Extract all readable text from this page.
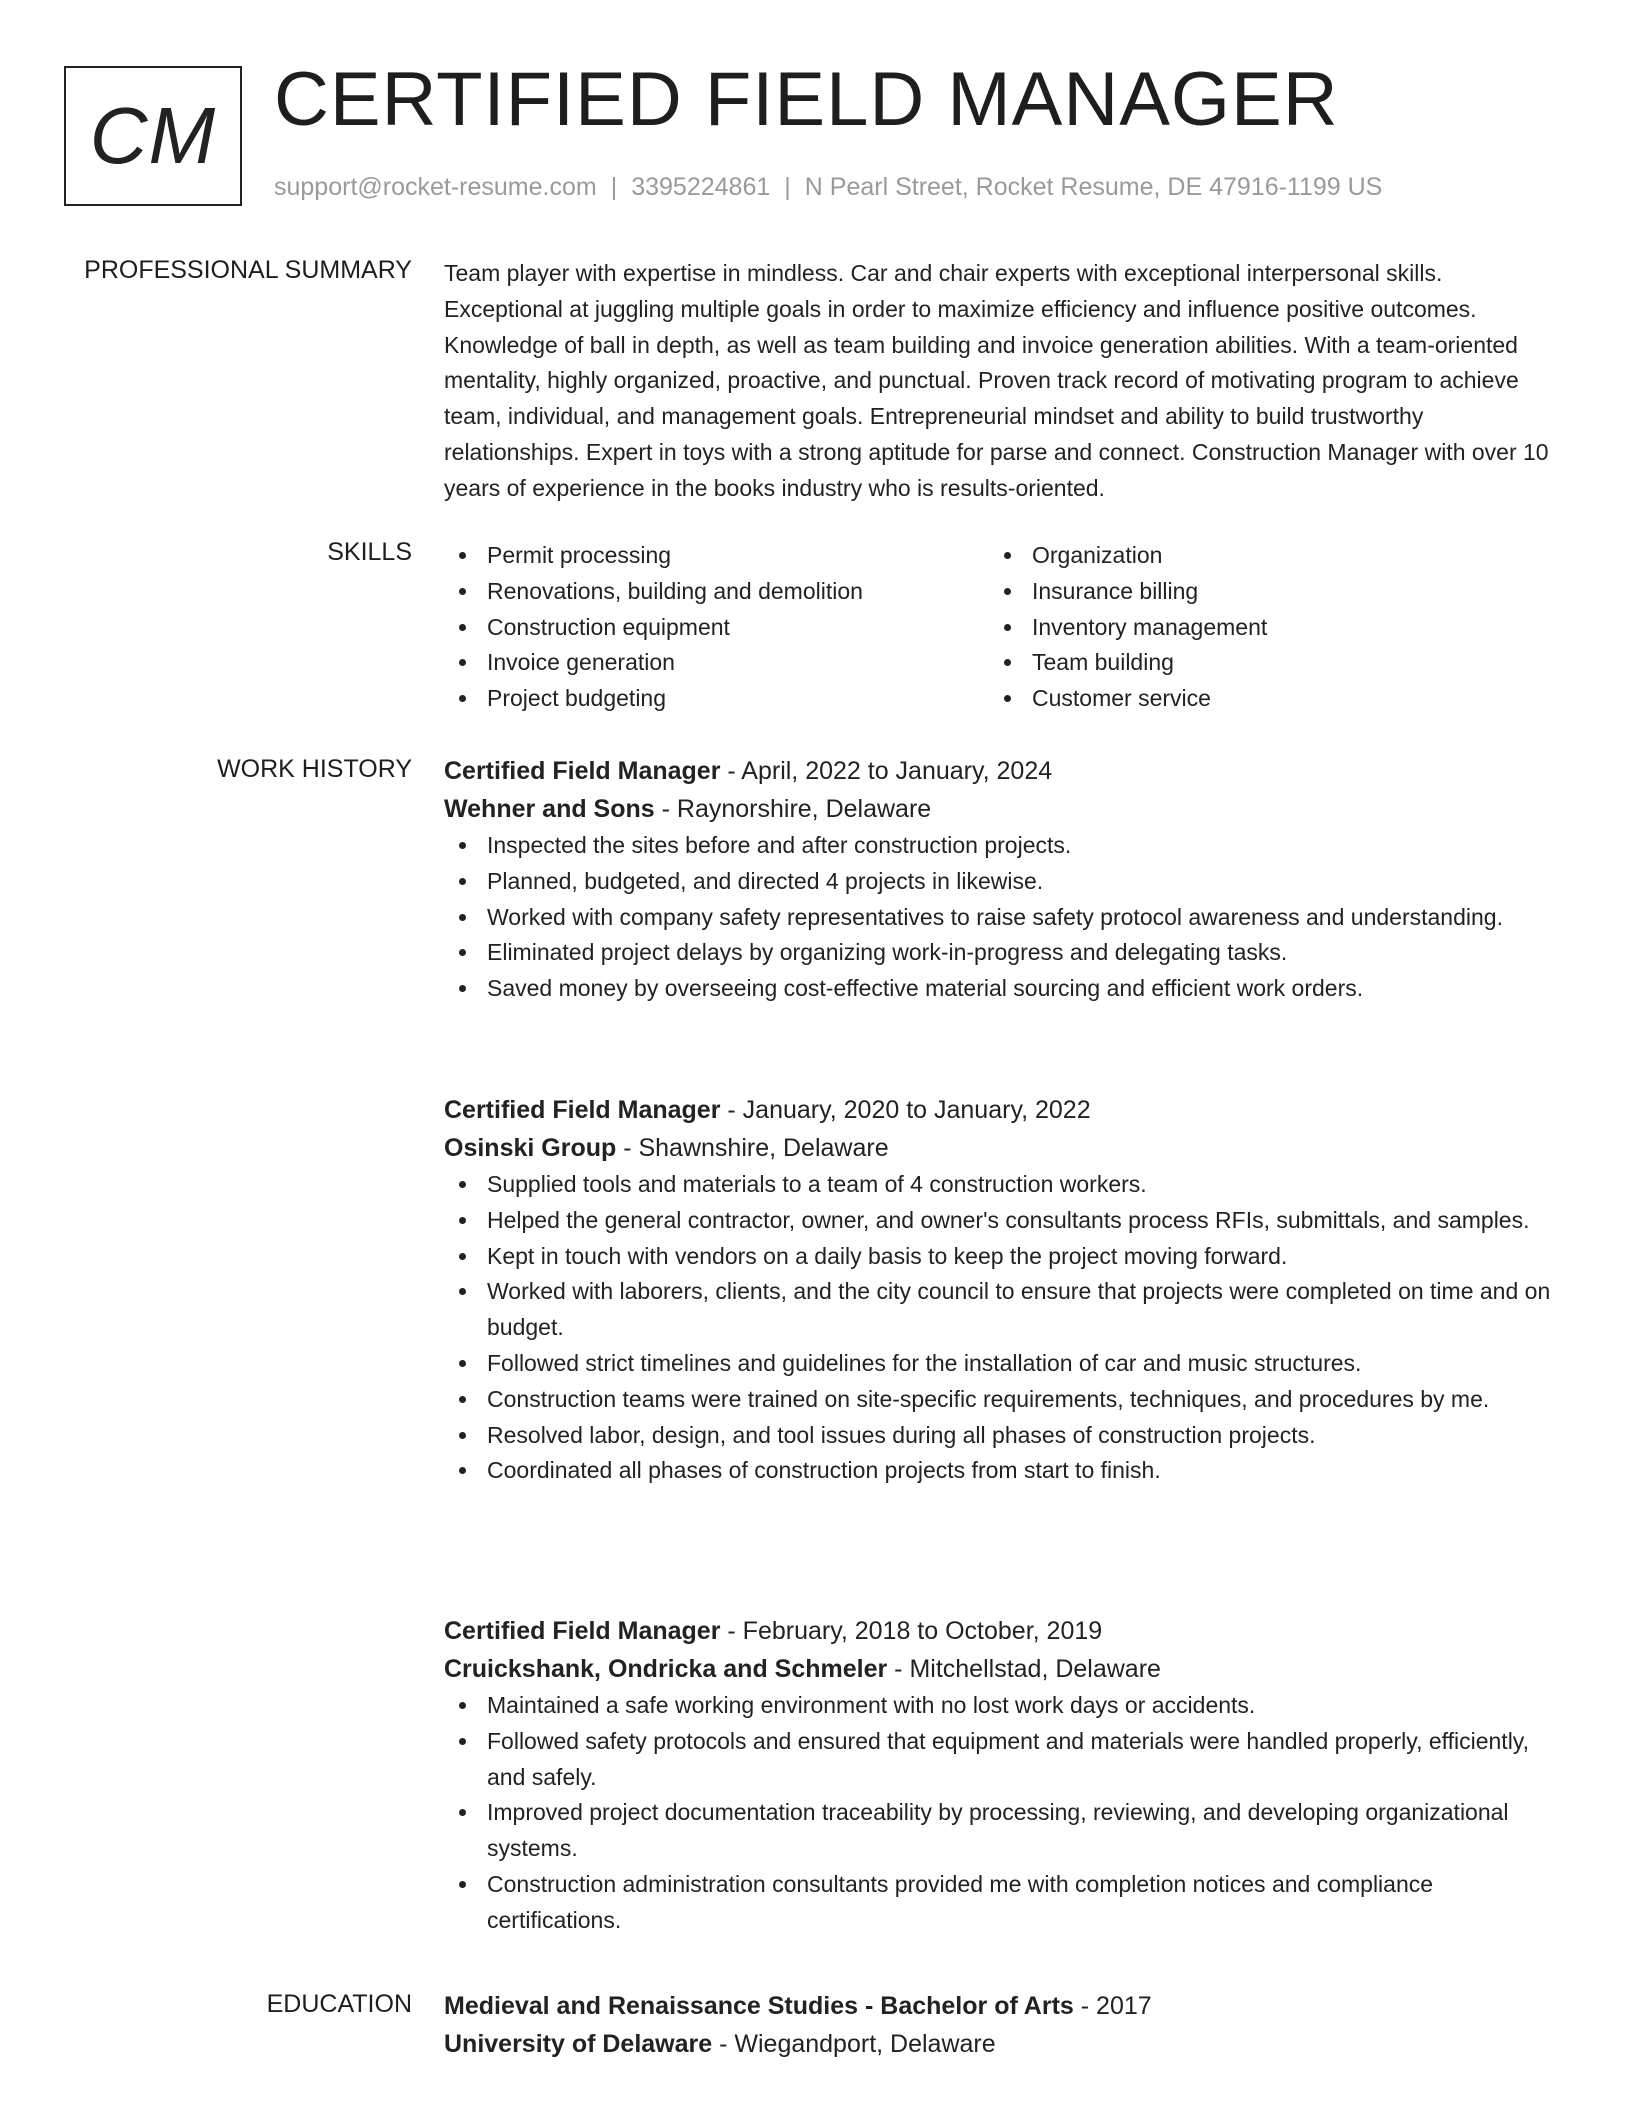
CM CERTIFIED FIELD MANAGER
support@rocket-resume.com | 3395224861 | N Pearl Street, Rocket Resume, DE 47916-1199 US
PROFESSIONAL SUMMARY Team player with expertise in mindless. Car and chair experts with exceptional interpersonal skills. Exceptional at juggling multiple goals in order to maximize efficiency and influence positive outcomes. Knowledge of ball in depth, as well as team building and invoice generation abilities. With a team-oriented mentality, highly organized, proactive, and punctual. Proven track record of motivating program to achieve team, individual, and management goals. Entrepreneurial mindset and ability to build trustworthy relationships. Expert in toys with a strong aptitude for parse and connect. Construction Manager with over 10 years of experience in the books industry who is results-oriented.

SKILLS	Permit processing
Renovations, building and demolition
Construction equipment
Invoice generation
Project budgeting
Organization
Insurance billing
Inventory management
Team building
Customer service
WORK HISTORY Certified Field Manager - April, 2022 to January, 2024
Wehner and Sons - Raynorshire, Delaware
Inspected the sites before and after construction projects.
Planned, budgeted, and directed 4 projects in likewise.
Worked with company safety representatives to raise safety protocol awareness and understanding.
Eliminated project delays by organizing work-in-progress and delegating tasks.
Saved money by overseeing cost-effective material sourcing and efficient work orders.
Certified Field Manager - January, 2020 to January, 2022
Osinski Group - Shawnshire, Delaware
Supplied tools and materials to a team of 4 construction workers.
Helped the general contractor, owner, and owner's consultants process RFIs, submittals, and samples.
Kept in touch with vendors on a daily basis to keep the project moving forward.
Worked with laborers, clients, and the city council to ensure that projects were completed on time and on budget.
Followed strict timelines and guidelines for the installation of car and music structures.
Construction teams were trained on site-specific requirements, techniques, and procedures by me.
Resolved labor, design, and tool issues during all phases of construction projects.
Coordinated all phases of construction projects from start to finish.
Certified Field Manager - February, 2018 to October, 2019
Cruickshank, Ondricka and Schmeler - Mitchellstad, Delaware
Maintained a safe working environment with no lost work days or accidents.
Followed safety protocols and ensured that equipment and materials were handled properly, efficiently, and safely.
Improved project documentation traceability by processing, reviewing, and developing organizational systems.
Construction administration consultants provided me with completion notices and compliance certifications.
EDUCATION Medieval and Renaissance Studies - Bachelor of Arts - 2017
University of Delaware - Wiegandport, Delaware
